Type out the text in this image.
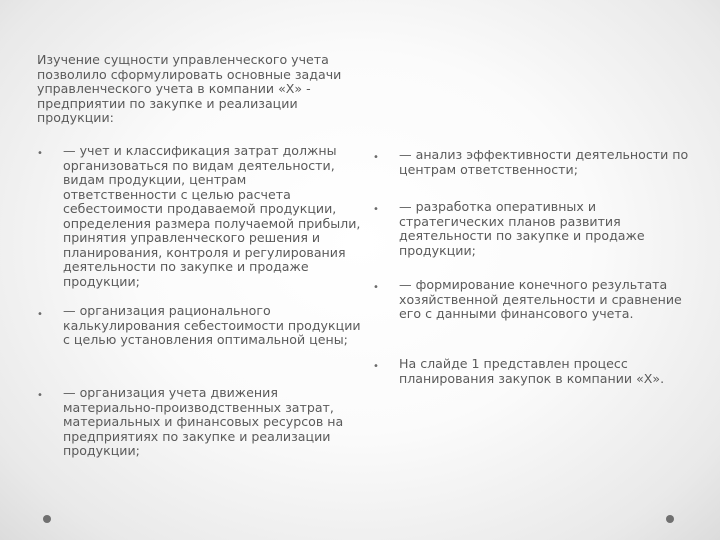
Изучение сущности управленческого учета позволило сформулировать основные задачи управленческого учета в компании «Х» - предприятии по закупке и реализации продукции:

• — учет и классификация затрат должны организоваться по видам деятельности, видам продукции, центрам ответственности с целью расчета себестоимости продаваемой продукции, определения размера получаемой прибыли, принятия управленческого решения и планирования, контроля и регулирования деятельности по закупке и продаже продукции;
• — организация рационального калькулирования себестоимости продукции с целью установления оптимальной цены;
• — организация учета движения материально-производственных затрат, материальных и финансовых ресурсов на предприятиях по закупке и реализации продукции;
• — анализ эффективности деятельности по центрам ответственности;
• — разработка оперативных и стратегических планов развития деятельности по закупке и продаже продукции;
• — формирование конечного результата хозяйственной деятельности и сравнение его с данными финансового учета.
• На слайде 1 представлен процесс планирования закупок в компании «Х».
